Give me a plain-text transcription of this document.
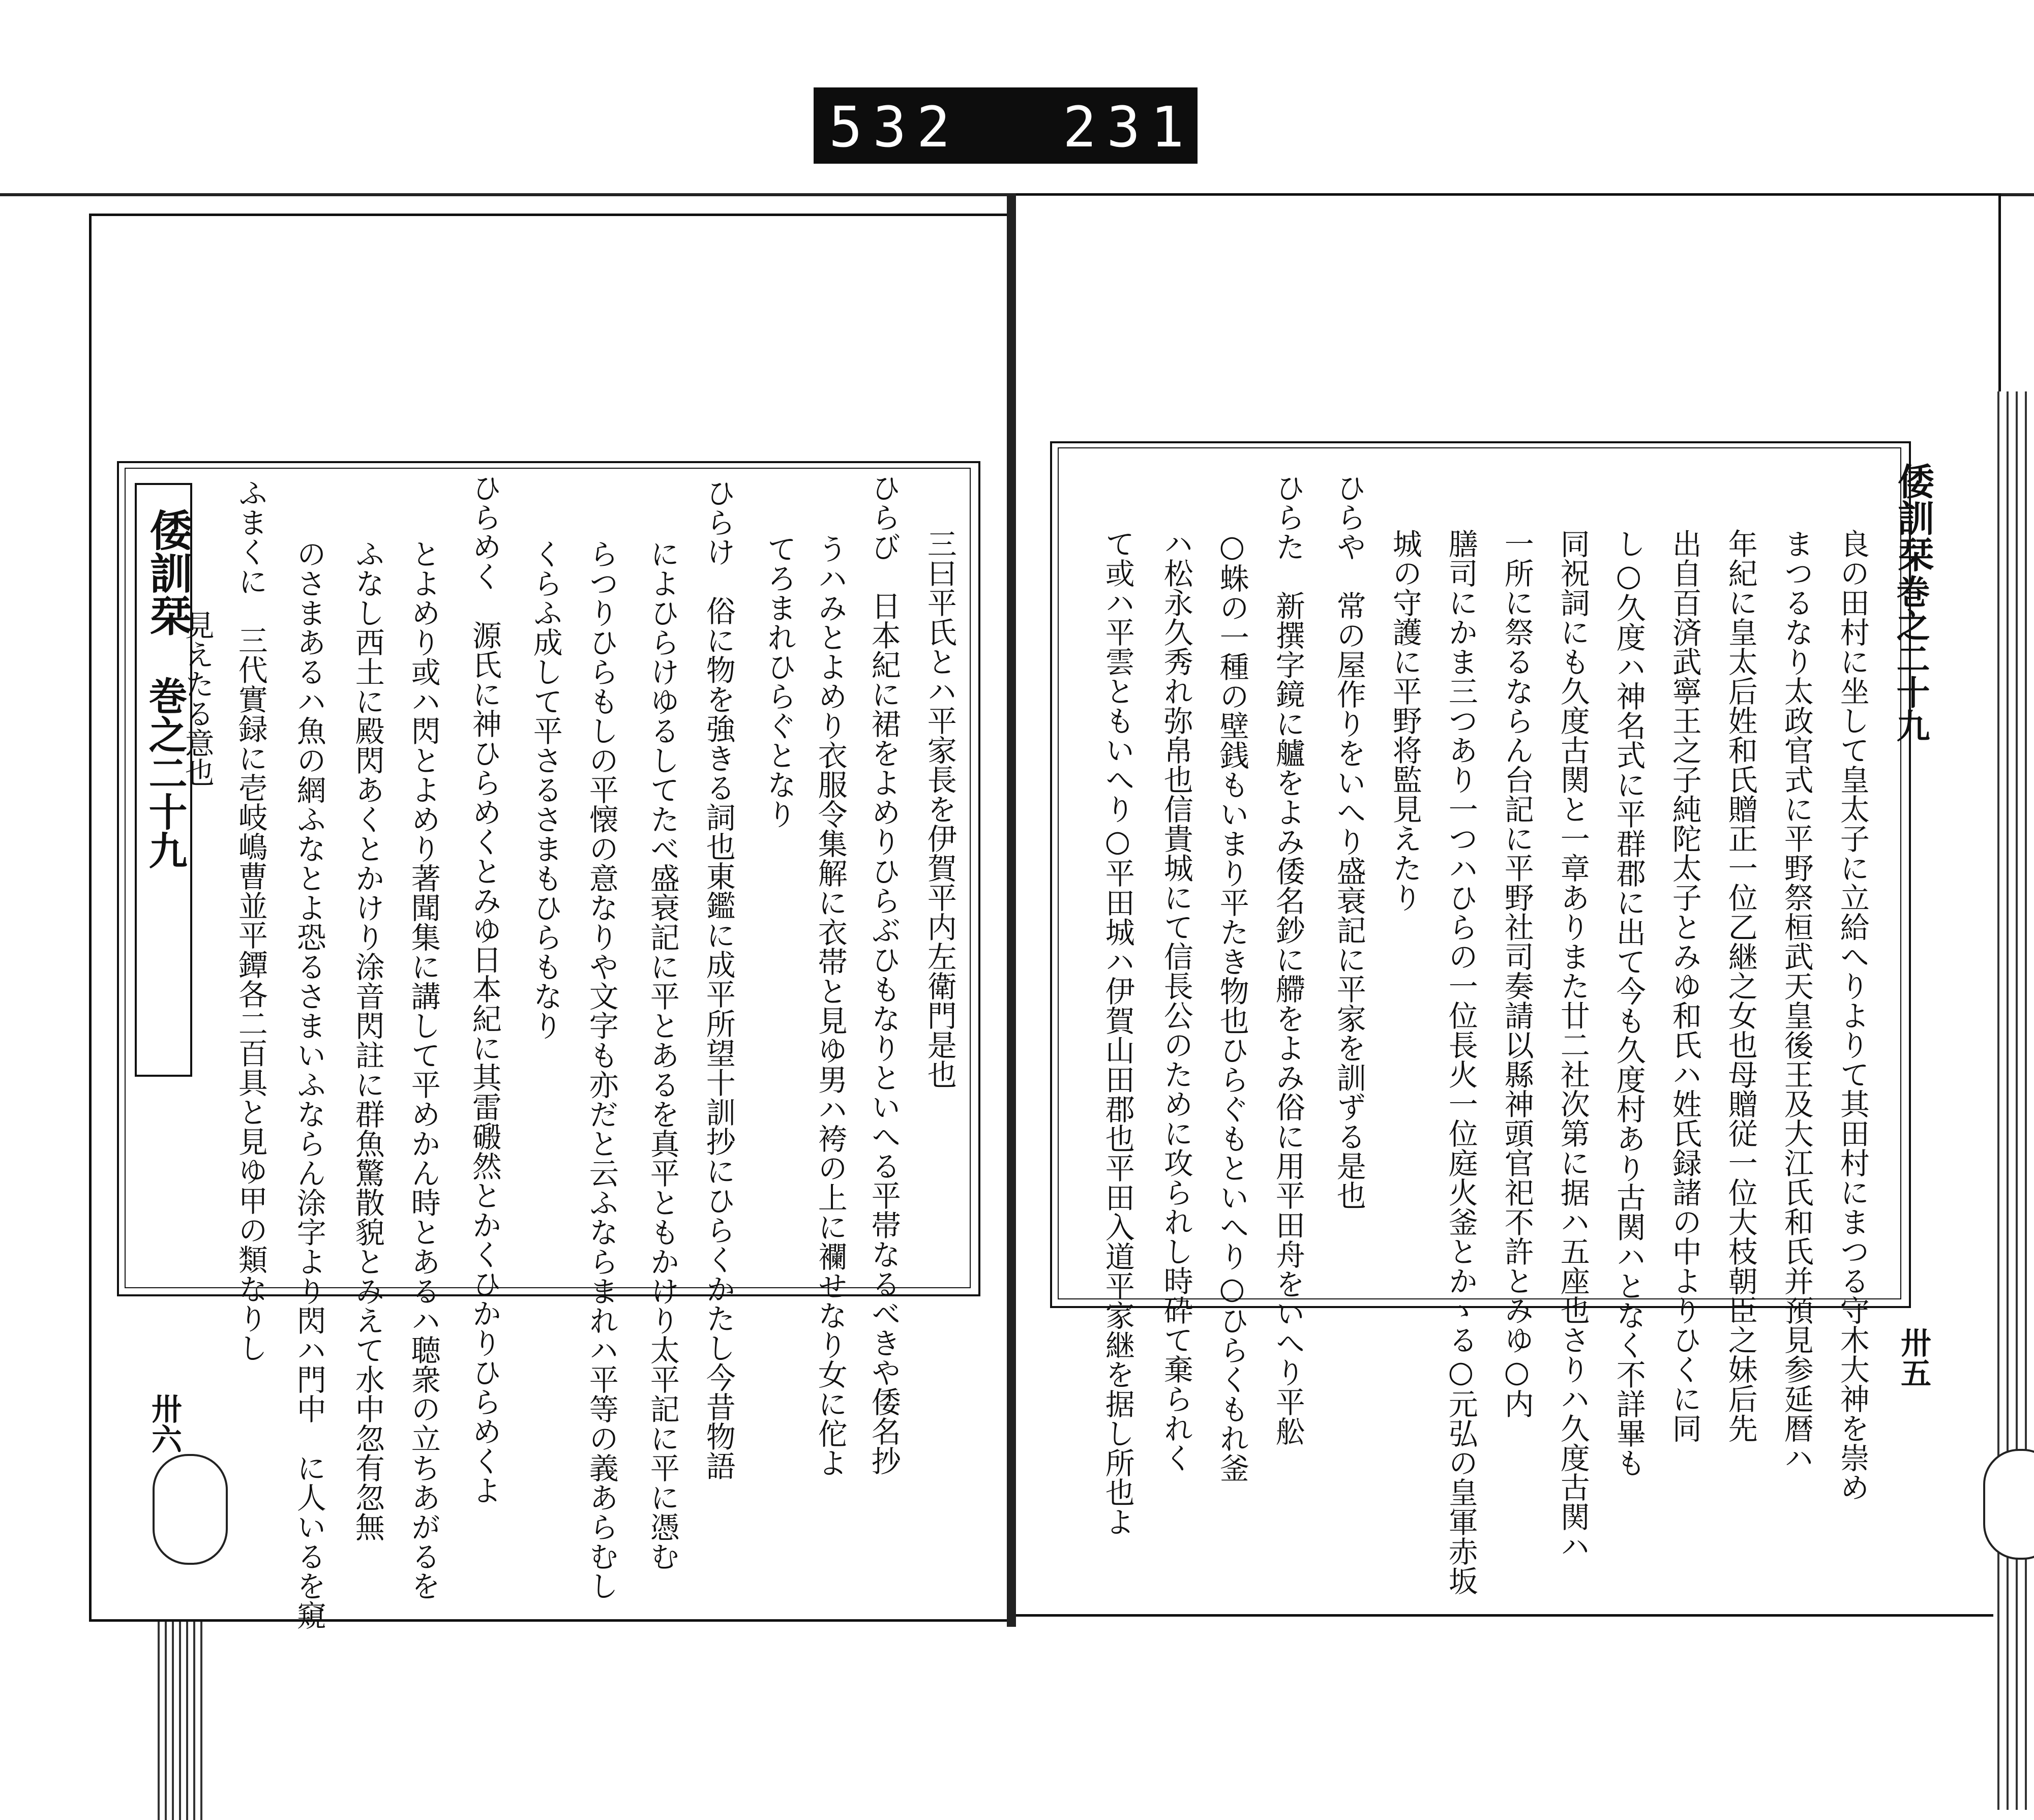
532 231.
倭訓栞
巻之二十九
卅六
三曰平氏とハ平家長を伊賀平内左衛門是也
ひらび　日本紀に裙をよめりひらぶひもなりといへる平帯なるべきや倭名抄
うハみとよめり衣服令集解に衣帯と見ゆ男ハ袴の上に襴せなり女に佗よ
てろまれひらぐとなり
ひらけ　俗に物を強きる詞也東鑑に成平所望十訓抄にひらくかたし今昔物語
によひらけゆるしてたべ盛衰記に平とあるを真平ともかけり太平記に平に憑む
らつりひらもしの平懐の意なりや文字も亦だと云ふならまれハ平等の義あらむし
くらふ成して平さるさまもひらもなり
ひらめく　源氏に神ひらめくとみゆ日本紀に其雷磤然とかくひかりひらめくよ
とよめり或ハ閃とよめり著聞集に講して平めかん時とあるハ聴衆の立ちあがるを
ふなし西土に殿閃あくとかけり涂音閃註に群魚驚散貌とみえて水中忽有忽無
のさまあるハ魚の網ふなとよ恐るさまいふならん涂字より閃ハ門中　に人いるを窺
ふまくに　三代實録に壱岐嶋曹並平鐔各二百具と見ゆ甲の類なりし
見えたる意也
倭訓栞
巻之二十九
卅五
良の田村に坐して皇太子に立給へりよりて其田村にまつる守木大神を崇め
まつるなり太政官式に平野祭桓武天皇後王及大江氏和氏并預見参延暦ハ
年紀に皇太后姓和氏贈正一位乙継之女也母贈従一位大枝朝臣之妹后先
出自百済武寧王之子純陀太子とみゆ和氏ハ姓氏録諸の中よりひくに同
し○久度ハ神名式に平群郡に出て今も久度村あり古関ハとなく不詳畢も
同祝詞にも久度古関と一章ありまた廿二社次第に据ハ五座也さりハ久度古関ハ
一所に祭るならん台記に平野社司奏請以縣神頭官祀不許とみゆ○内
膳司にかま三つあり一つハひらの一位長火一位庭火釜とかゝる○元弘の皇軍赤坂
城の守護に平野将監見えたり
ひらや　常の屋作りをいへり盛衰記に平家を訓ずる是也
ひらた　新撰字鏡に艫をよみ倭名鈔に艜をよみ俗に用平田舟をいへり平舩
○蛛の一種の壁銭もいまり平たき物也ひらぐもといへり○ひらくもれ釜
ハ松永久秀れ弥帛也信貴城にて信長公のために攻られし時砕て棄られく
て或ハ平雲ともいへり○平田城ハ伊賀山田郡也平田入道平家継を据し所也よ
